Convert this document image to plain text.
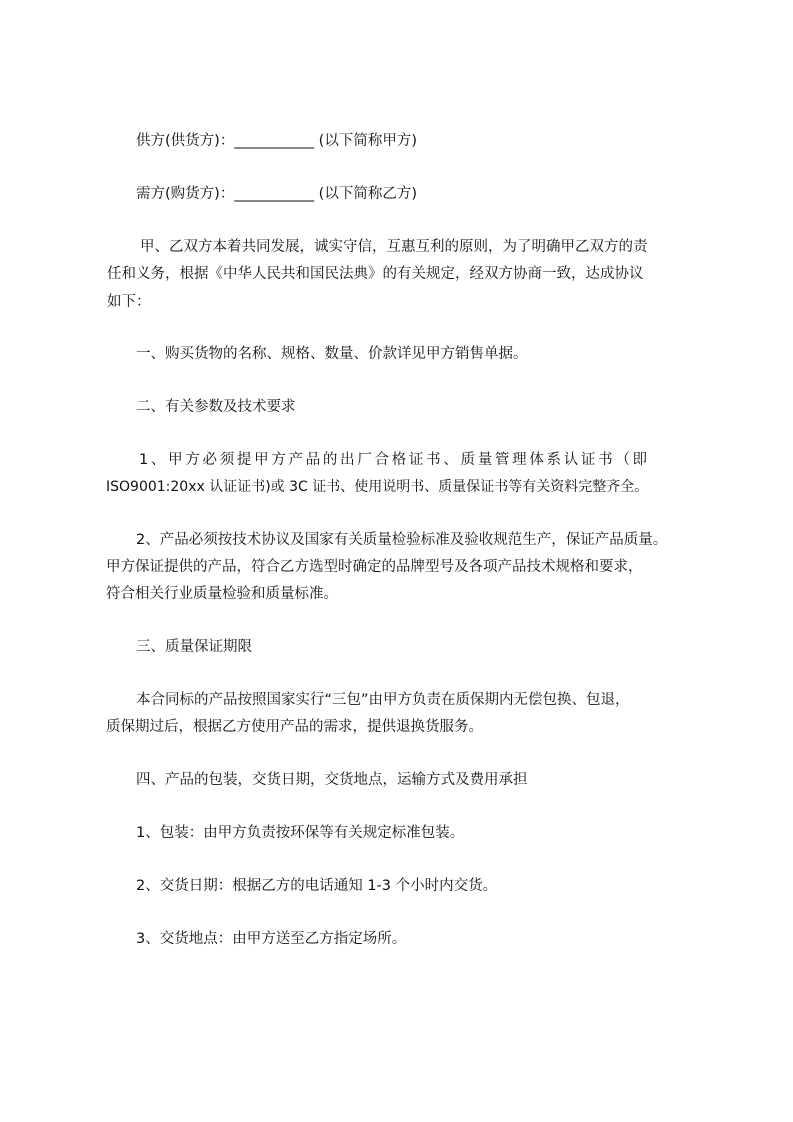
供方(供货方)：___________ (以下简称甲方)
需方(购货方)：___________ (以下简称乙方)
甲、乙双方本着共同发展，诚实守信，互惠互利的原则，为了明确甲乙双方的责
任和义务，根据《中华人民共和国民法典》的有关规定，经双方协商一致，达成协议
如下：
一、购买货物的名称、规格、数量、价款详见甲方销售单据。
二、有关参数及技术要求
1、甲方必须提甲方产品的出厂合格证书、质量管理体系认证书（即
ISO9001:20xx 认证证书)或 3C 证书、使用说明书、质量保证书等有关资料完整齐全。
2、产品必须按技术协议及国家有关质量检验标准及验收规范生产，保证产品质量。
甲方保证提供的产品，符合乙方选型时确定的品牌型号及各项产品技术规格和要求，
符合相关行业质量检验和质量标准。
三、质量保证期限
本合同标的产品按照国家实行“三包”由甲方负责在质保期内无偿包换、包退，
质保期过后，根据乙方使用产品的需求，提供退换货服务。
四、产品的包装，交货日期，交货地点，运输方式及费用承担
1、包装：由甲方负责按环保等有关规定标准包装。
2、交货日期：根据乙方的电话通知 1-3 个小时内交货。
3、交货地点：由甲方送至乙方指定场所。
